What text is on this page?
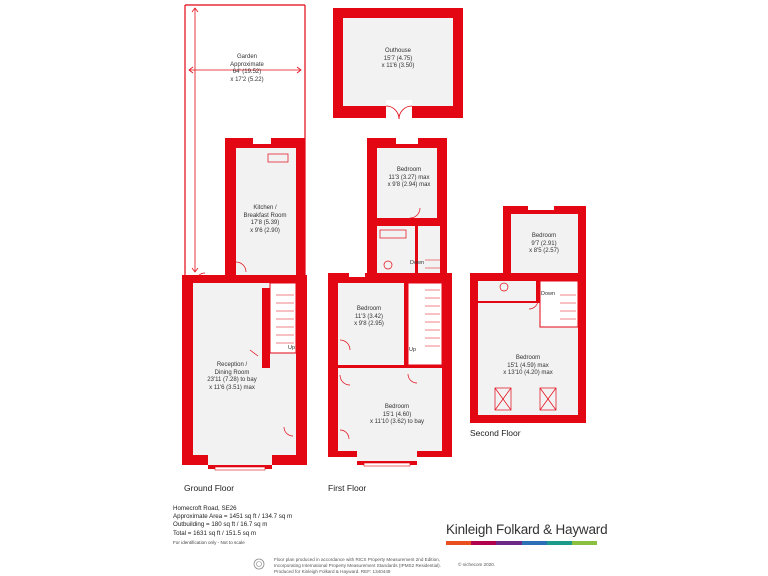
Outhouse
15'7 (4.75)
x 11'6 (3.50)
Garden
Approximate
64' (19.52)
x 17'2 (5.22)
Kitchen /
Breakfast Room
17'8 (5.39)
x 9'6 (2.90)
Reception /
Dining Room
23'11 (7.28) to bay
x 11'6 (3.51) max
Bedroom
11'3 (3.27) max
x 9'8 (2.94) max
Bedroom
11'3 (3.42)
x 9'8 (2.95)
Bedroom
15'1 (4.60)
x 11'10 (3.62) to bay
Bedroom
9'7 (2.91)
x 8'5 (2.57)
Bedroom
15'1 (4.59) max
x 13'10 (4.20) max
Up
Down
Up
Down
Ground Floor	First Floor
Second Floor
Homecroft Road, SE26
Approximate Area = 1451 sq ft / 134.7 sq m
Outbuilding = 180 sq ft / 16.7 sq m
Total = 1631 sq ft / 151.5 sq m
For identification only - Not to scale
Kinleigh Folkard & Hayward
Floor plan produced in accordance with RICS Property Measurement 2nd Edition,
Incorporating International Property Measurement Standards (IPMS2 Residential).
Produced for Kinleigh Folkard & Hayward. REF: 1340449
© nichecom 2020.
